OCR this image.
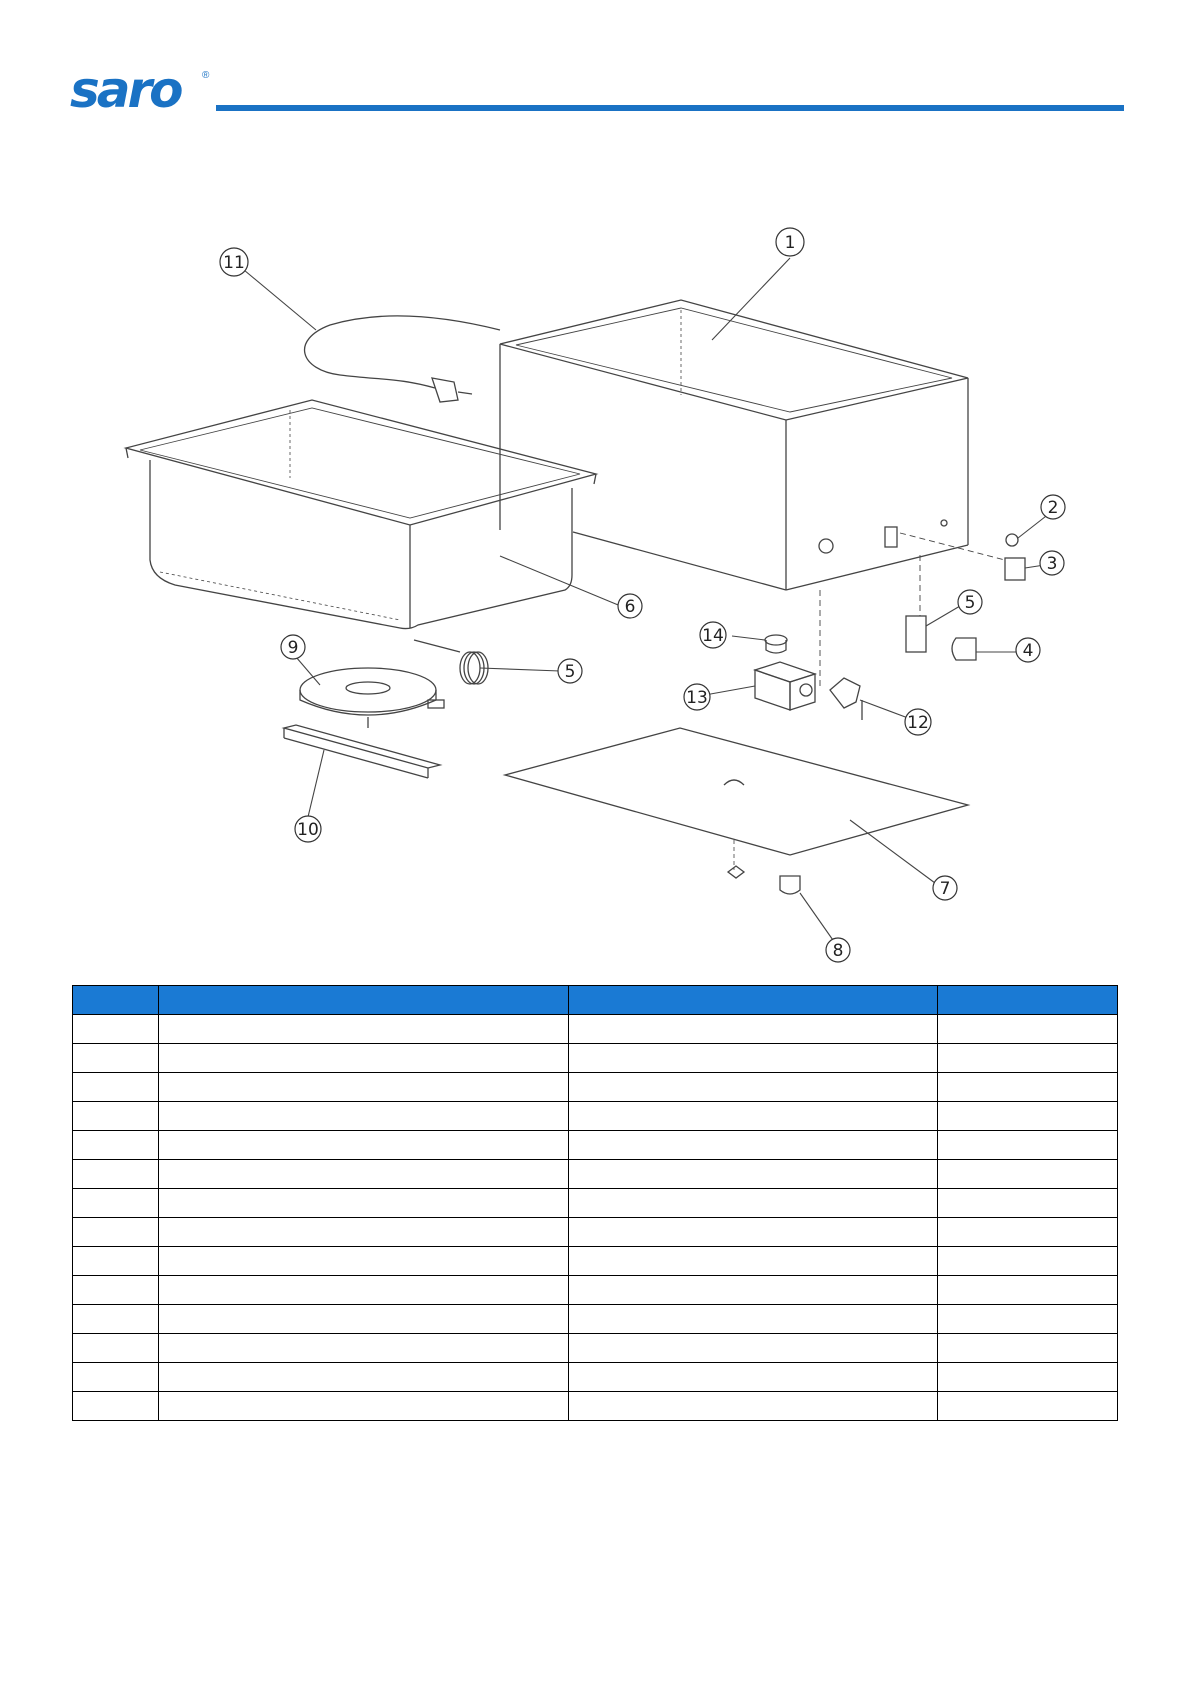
saro ®
1
11
2
3
4
5
6
5
9
10
12
13
14
7
8
